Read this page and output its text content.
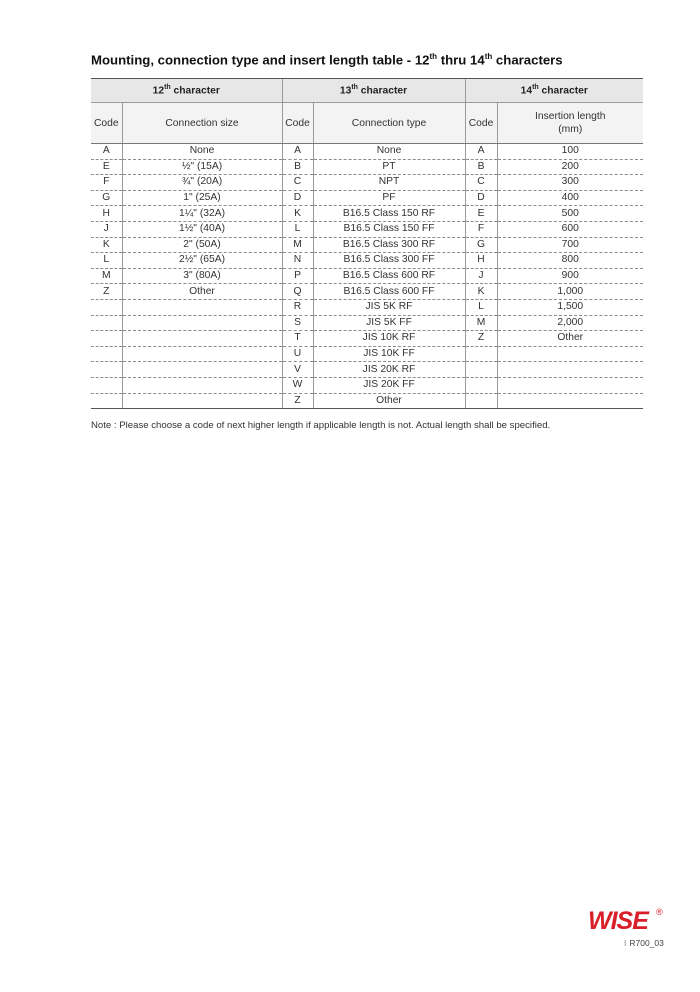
Mounting, connection type and insert length table - 12th thru 14th characters
12th character		13th character		14th character	
Code	Connection size	Code	Connection type	Code	Insertion length
(mm)
A	None	A	None	A	100
E	½" (15A)	B	PT	B	200
F	¾" (20A)	C	NPT	C	300
G	1" (25A)	D	PF	D	400
H	1¼" (32A)	K	B16.5 Class 150 RF	E	500
J	1½" (40A)	L	B16.5 Class 150 FF	F	600
K	2" (50A)	M	B16.5 Class 300 RF	G	700
L	2½" (65A)	N	B16.5 Class 300 FF	H	800
M	3" (80A)	P	B16.5 Class 600 RF	J	900
Z	Other	Q	B16.5 Class 600 FF	K	1,000
		R	JIS 5K RF	L	1,500
		S	JIS 5K FF	M	2,000
		T	JIS 10K RF	Z	Other
		U	JIS 10K FF		
		V	JIS 20K RF		
		W	JIS 20K FF		
		Z	Other		

Note : Please choose a code of next higher length if applicable length is not. Actual length shall be specified.

WISE ®
I R700_03
